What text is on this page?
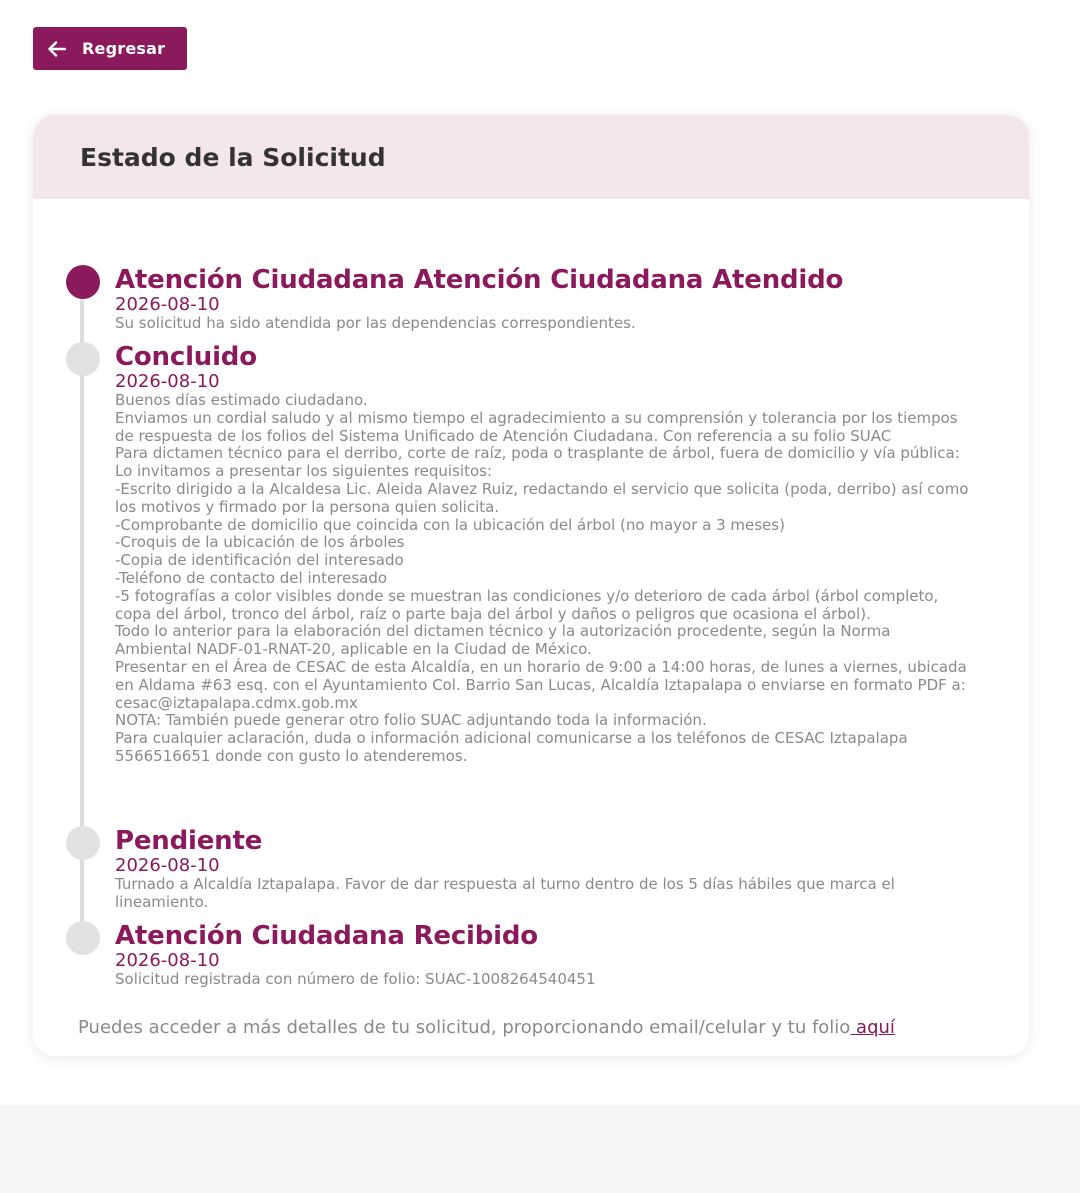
Regresar
Estado de la Solicitud

Atención Ciudadana Atención Ciudadana Atendido

2026-08-10

Su solicitud ha sido atendida por las dependencias correspondientes.

Concluido

2026-08-10

Buenos días estimado ciudadano.
Enviamos un cordial saludo y al mismo tiempo el agradecimiento a su comprensión y tolerancia por los tiempos de respuesta de los folios del Sistema Unificado de Atención Ciudadana. Con referencia a su folio SUAC
Para dictamen técnico para el derribo, corte de raíz, poda o trasplante de árbol, fuera de domicilio y vía pública:
Lo invitamos a presentar los siguientes requisitos:
-Escrito dirigido a la Alcaldesa Lic. Aleida Alavez Ruiz, redactando el servicio que solicita (poda, derribo) así como los motivos y firmado por la persona quien solicita.
-Comprobante de domicilio que coincida con la ubicación del árbol (no mayor a 3 meses)
-Croquis de la ubicación de los árboles
-Copia de identificación del interesado
-Teléfono de contacto del interesado
-5 fotografías a color visibles donde se muestran las condiciones y/o deterioro de cada árbol (árbol completo, copa del árbol, tronco del árbol, raíz o parte baja del árbol y daños o peligros que ocasiona el árbol).
Todo lo anterior para la elaboración del dictamen técnico y la autorización procedente, según la Norma Ambiental NADF-01-RNAT-20, aplicable en la Ciudad de México.
Presentar en el Área de CESAC de esta Alcaldía, en un horario de 9:00 a 14:00 horas, de lunes a viernes, ubicada en Aldama #63 esq. con el Ayuntamiento Col. Barrio San Lucas, Alcaldía Iztapalapa o enviarse en formato PDF a: cesac@iztapalapa.cdmx.gob.mx
NOTA: También puede generar otro folio SUAC adjuntando toda la información.
Para cualquier aclaración, duda o información adicional comunicarse a los teléfonos de CESAC Iztapalapa 5566516651 donde con gusto lo atenderemos.

Pendiente

2026-08-10

Turnado a Alcaldía Iztapalapa. Favor de dar respuesta al turno dentro de los 5 días hábiles que marca el lineamiento.

Atención Ciudadana Recibido

2026-08-10

Solicitud registrada con número de folio: SUAC-1008264540451

Puedes acceder a más detalles de tu solicitud, proporcionando email/celular y tu folio aquí
